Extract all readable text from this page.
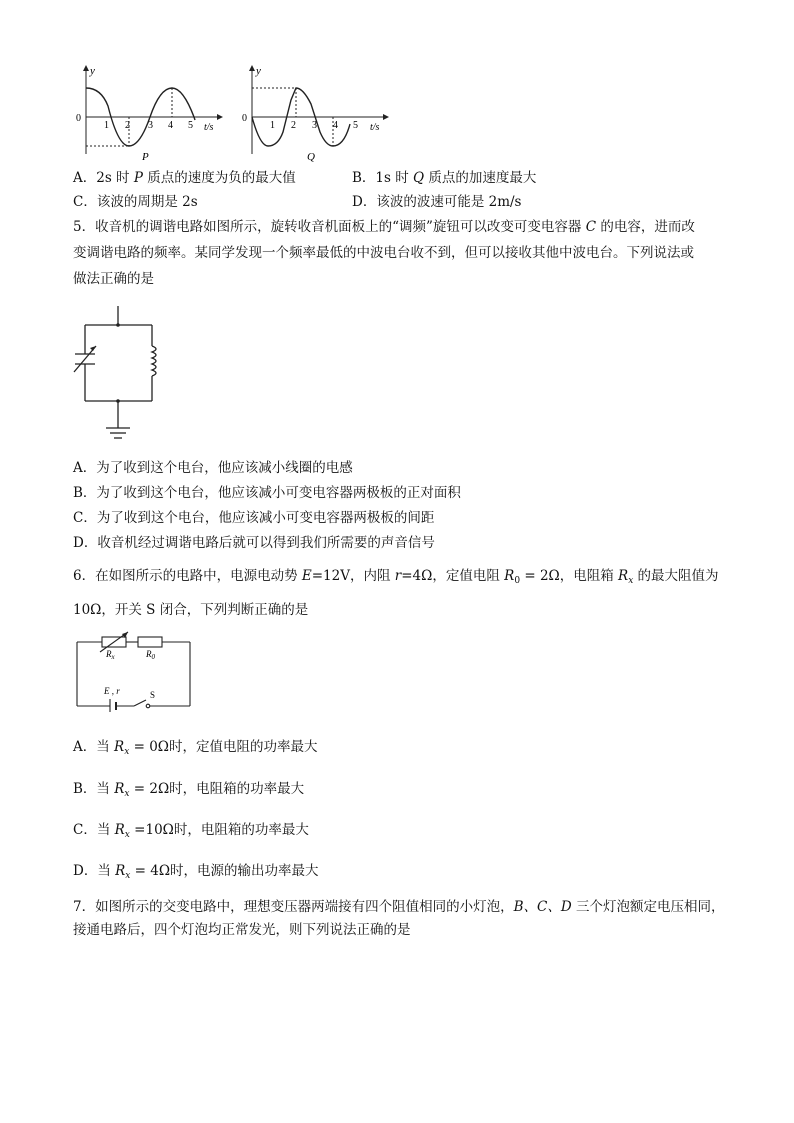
y
0
1 2 3 4 5 t/s
P
y
0
1 2 3 4 5 t/s
Q
A．2s 时 P 质点的速度为负的最大值	B．1s 时 Q 质点的加速度最大
C．该波的周期是 2s	D．该波的波速可能是 2m/s
5．收音机的调谐电路如图所示，旋转收音机面板上的“调频”旋钮可以改变可变电容器 C 的电容，进而改
变调谐电路的频率。某同学发现一个频率最低的中波电台收不到，但可以接收其他中波电台。下列说法或
做法正确的是
A．为了收到这个电台，他应该减小线圈的电感
B．为了收到这个电台，他应该减小可变电容器两极板的正对面积
C．为了收到这个电台，他应该减小可变电容器两极板的间距
D．收音机经过调谐电路后就可以得到我们所需要的声音信号
6．在如图所示的电路中，电源电动势 E=12V，内阻 r=4Ω，定值电阻 $R_0 = 2\Omega$，电阻箱 $R_x$ 的最大阻值为
10Ω，开关 S 闭合，下列判断正确的是
$R_x$	$R_0$
E , r	S
A．当 $R_x = 0\Omega$时，定值电阻的功率最大
B．当 $R_x = 2\Omega$时，电阻箱的功率最大
C．当 $R_x =10\Omega$时，电阻箱的功率最大
D．当 $R_x = 4\Omega$时，电源的输出功率最大
7．如图所示的交变电路中，理想变压器两端接有四个阻值相同的小灯泡，B、C、D 三个灯泡额定电压相同，
接通电路后，四个灯泡均正常发光，则下列说法正确的是
